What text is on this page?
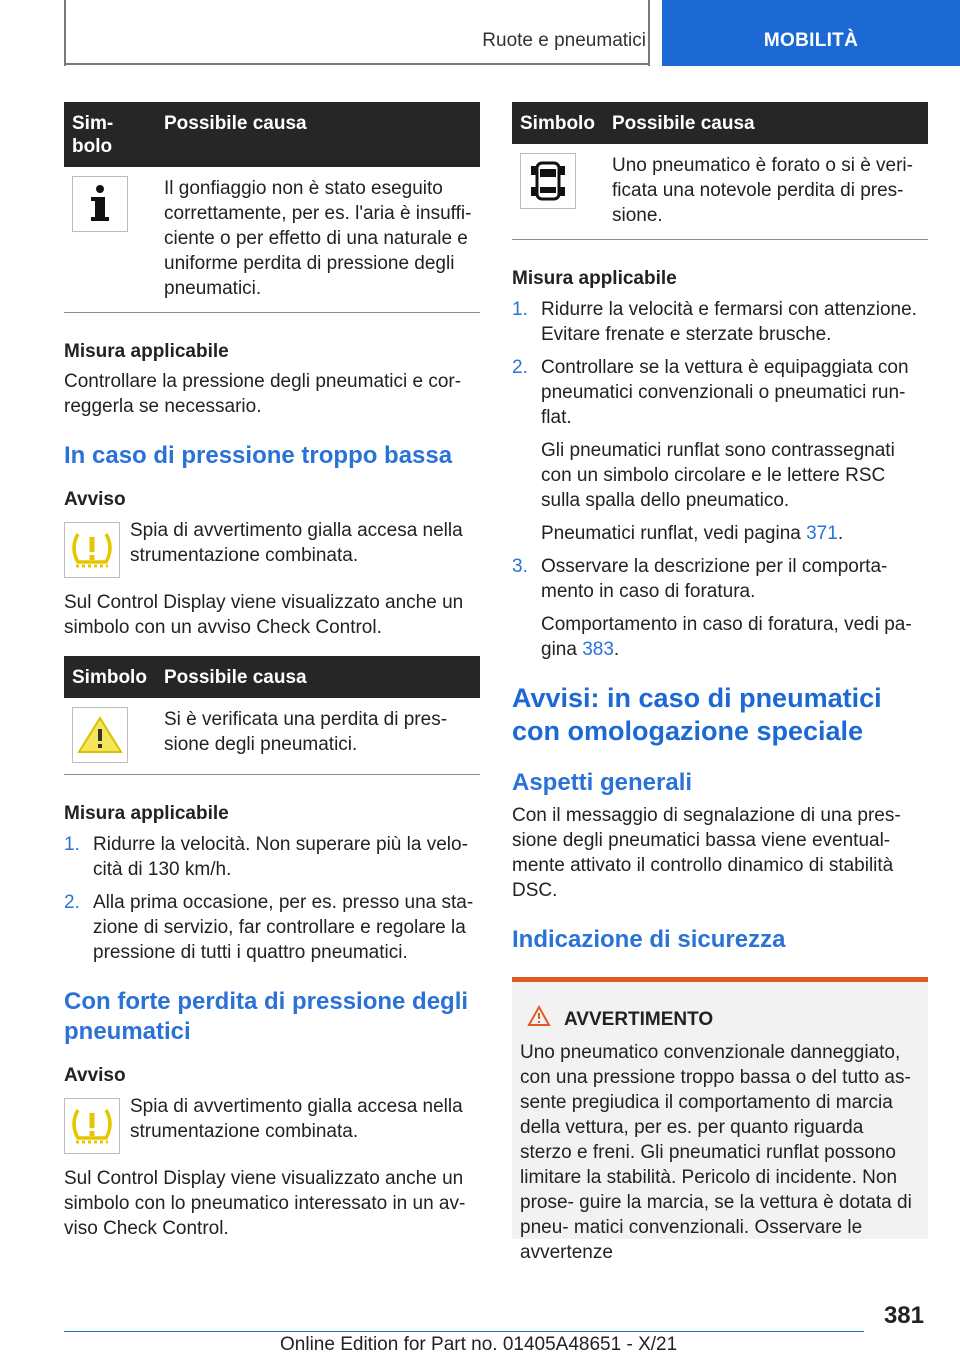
Ruote e pneumatici	MOBILITÀ
Sim‐
bolo	Possibile causa

	Il gonfiaggio non è stato eseguito correttamente, per es. l'aria è insuffi‐ ciente o per effetto di una naturale e uniforme perdita di pressione degli pneumatici.
Misura applicabile

Controllare la pressione degli pneumatici e cor‐ reggerla se necessario.

In caso di pressione troppo bassa
Avviso
Spia di avvertimento gialla accesa nella strumentazione combinata.

Sul Control Display viene visualizzato anche un simbolo con un avviso Check Control.

Simbolo	Possibile causa

	Si è verificata una perdita di pres‐ sione degli pneumatici.
Misura applicabile
1. Ridurre la velocità. Non superare più la velo‐ cità di 130 km/h.
2. Alla prima occasione, per es. presso una sta‐ zione di servizio, far controllare e regolare la pressione di tutti i quattro pneumatici.
Con forte perdita di pressione degli pneumatici
Avviso
Spia di avvertimento gialla accesa nella strumentazione combinata.

Sul Control Display viene visualizzato anche un simbolo con lo pneumatico interessato in un av‐ viso Check Control.

Simbolo	Possibile causa

	Uno pneumatico è forato o si è veri‐ ficata una notevole perdita di pres‐ sione.
Misura applicabile
1. Ridurre la velocità e fermarsi con attenzione. Evitare frenate e sterzate brusche.
2. Controllare se la vettura è equipaggiata con pneumatici convenzionali o pneumatici run‐ flat.

Gli pneumatici runflat sono contrassegnati con un simbolo circolare e le lettere RSC sulla spalla dello pneumatico.

Pneumatici runflat, vedi pagina 371.

3. Osservare la descrizione per il comporta‐ mento in caso di foratura.

Comportamento in caso di foratura, vedi pa‐ gina 383.

Avvisi: in caso di pneumatici con omologazione speciale
Aspetti generali

Con il messaggio di segnalazione di una pres‐ sione degli pneumatici bassa viene eventual‐ mente attivato il controllo dinamico di stabilità DSC.

Indicazione di sicurezza
AVVERTIMENTO

Uno pneumatico convenzionale danneggiato, con una pressione troppo bassa o del tutto as‐ sente pregiudica il comportamento di marcia della vettura, per es. per quanto riguarda sterzo e freni. Gli pneumatici runflat possono limitare la stabilità. Pericolo di incidente. Non prose‐ guire la marcia, se la vettura è dotata di pneu‐ matici convenzionali. Osservare le avvertenze

381
Online Edition for Part no. 01405A48651 - X/21
